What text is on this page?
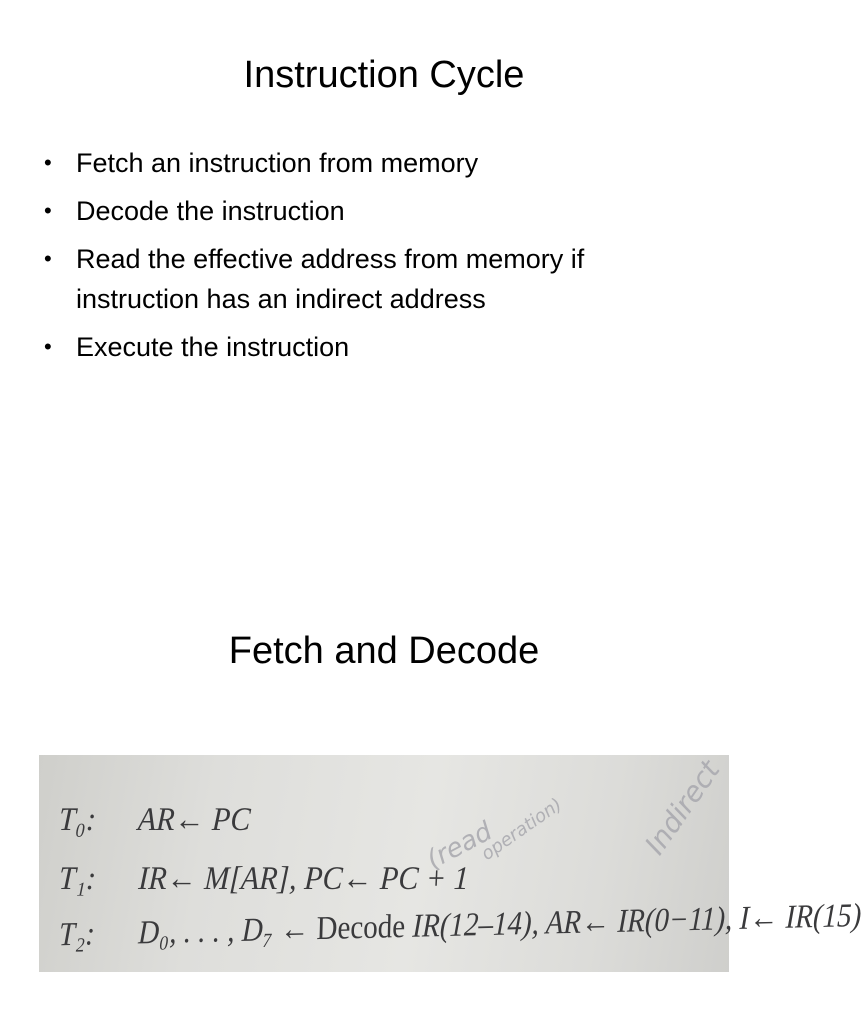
Instruction Cycle
• Fetch an instruction from memory
• Decode the instruction
• Read the effective address from memory if instruction has an indirect address
• Execute the instruction
Fetch and Decode
T₀: AR← PC
T₁: IR← M[AR], PC← PC + 1
T₂: D₀, . . . , D₇ ← Decode IR(12–14), AR← IR(0−11), I← IR(15)
(read
operation)	Indirect
